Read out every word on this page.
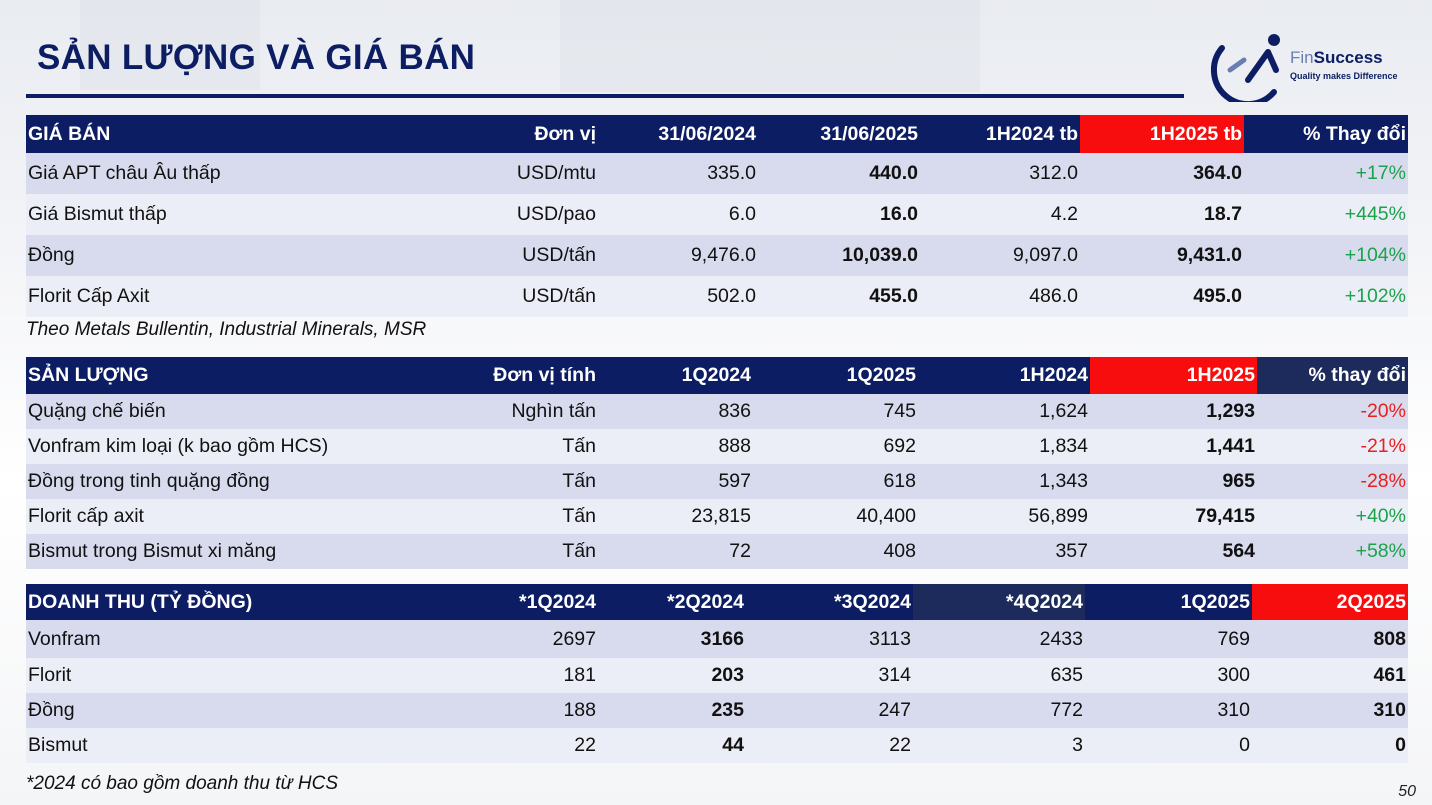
SẢN LƯỢNG VÀ GIÁ BÁN	FinSuccess
Quality makes Difference
GIÁ BÁN	Đơn vị	31/06/2024	31/06/2025	1H2024 tb	1H2025 tb	% Thay đổi
Giá APT châu Âu thấp	USD/mtu	335.0	440.0	312.0	364.0	+17%
Giá Bismut thấp	USD/pao	6.0	16.0	4.2	18.7	+445%
Đồng	USD/tấn	9,476.0	10,039.0	9,097.0	9,431.0	+104%
Florit Cấp Axit	USD/tấn	502.0	455.0	486.0	495.0	+102%
Theo Metals Bullentin, Industrial Minerals, MSR
SẢN LƯỢNG	Đơn vị tính	1Q2024	1Q2025	1H2024	1H2025	% thay đổi
Quặng chế biến	Nghìn tấn	836	745	1,624	1,293	-20%
Vonfram kim loại (k bao gồm HCS)	Tấn	888	692	1,834	1,441	-21%
Đồng trong tinh quặng đồng	Tấn	597	618	1,343	965	-28%
Florit cấp axit	Tấn	23,815	40,400	56,899	79,415	+40%
Bismut trong Bismut xi măng	Tấn	72	408	357	564	+58%
DOANH THU (TỶ ĐỒNG)	*1Q2024	*2Q2024	*3Q2024	*4Q2024	1Q2025	2Q2025
Vonfram	2697	3166	3113	2433	769	808
Florit	181	203	314	635	300	461
Đồng	188	235	247	772	310	310
Bismut	22	44	22	3	0	0
*2024 có bao gồm doanh thu từ HCS	50
